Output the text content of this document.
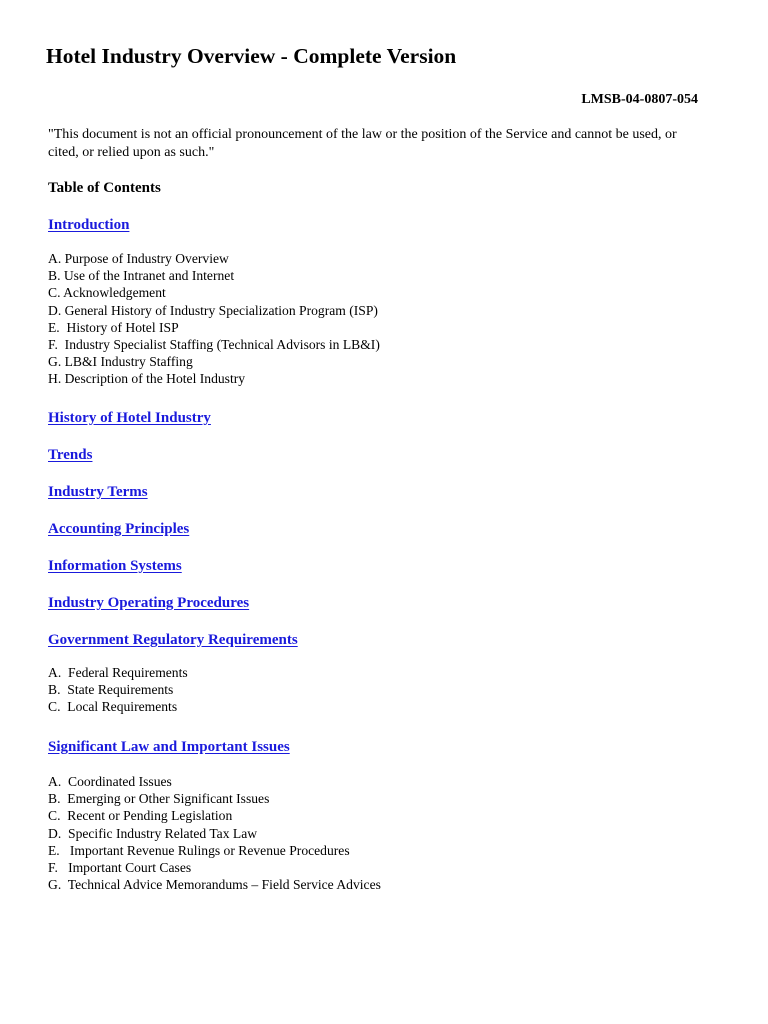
Hotel Industry Overview - Complete Version
LMSB-04-0807-054
"This document is not an official pronouncement of the law or the position of the Service and cannot be used, or cited, or relied upon as such."
Table of Contents
Introduction
A. Purpose of Industry Overview
B. Use of the Intranet and Internet
C. Acknowledgement
D. General History of Industry Specialization Program (ISP)
E.  History of Hotel ISP
F.  Industry Specialist Staffing (Technical Advisors in LB&I)
G. LB&I Industry Staffing
H. Description of the Hotel Industry
History of Hotel Industry
Trends
Industry Terms
Accounting Principles
Information Systems
Industry Operating Procedures
Government Regulatory Requirements
A.  Federal Requirements
B.  State Requirements
C.  Local Requirements
Significant Law and Important Issues
A.  Coordinated Issues
B.  Emerging or Other Significant Issues
C.  Recent or Pending Legislation
D.  Specific Industry Related Tax Law
E.   Important Revenue Rulings or Revenue Procedures
F.   Important Court Cases
G.  Technical Advice Memorandums – Field Service Advices
